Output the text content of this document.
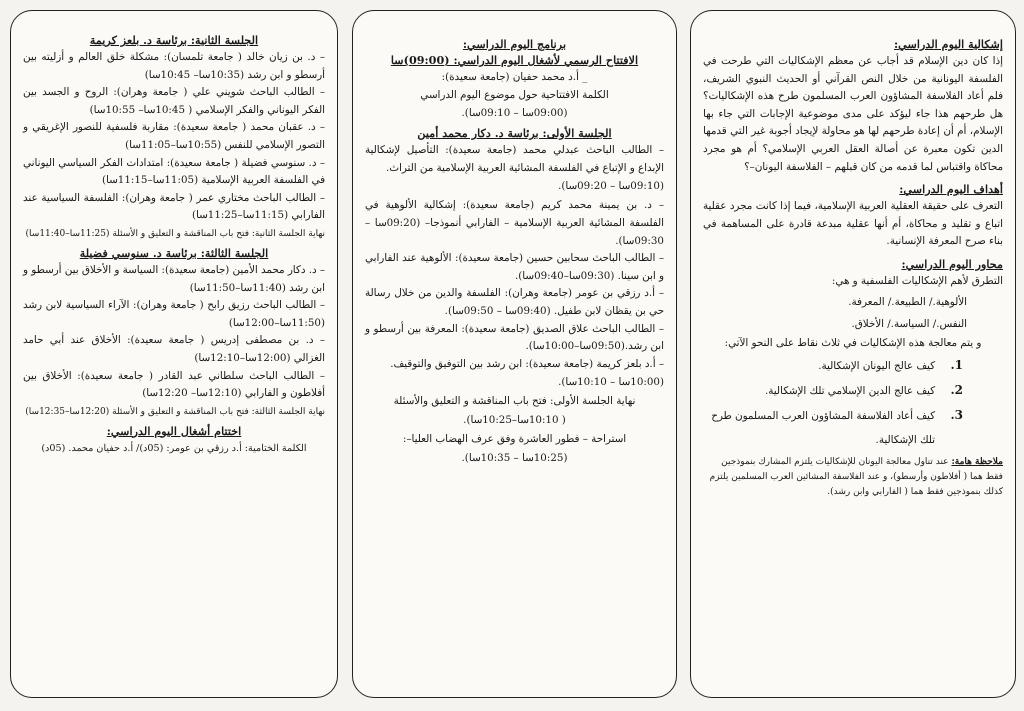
إشكالية اليوم الدراسي:

إذا كان دين الإسلام قد أجاب عن معظم الإشكاليات التي طرحت في الفلسفة اليونانية من خلال النص القرآني أو الحديث النبوي الشريف، فلم أعاد الفلاسفة المشاؤون العرب المسلمون طرح هذه الإشكاليات؟ هل طرحهم هذا جاء ليؤكد على مدى موضوعية الإجابات التي جاء بها الإسلام، أم أن إعادة طرحهم لها هو محاولة لإيجاد أجوبة غير التي قدمها الدين تكون معبرة عن أصالة العقل العربي الإسلامي؟ أم هو مجرد محاكاة واقتباس لما قدمه من كان قبلهم – الفلاسفة اليونان–؟

أهداف اليوم الدراسي:

التعرف على حقيقة العقلية العربية الإسلامية، فيما إذا كانت مجرد عقلية اتباع و تقليد و محاكاة، أم أنها عقلية مبدعة قادرة على المساهمة في بناء صرح المعرفة الإنسانية.

محاور اليوم الدراسي:

التطرق لأهم الإشكاليات الفلسفية و هي:

الألوهية./ الطبيعة./ المعرفة.

النفس./ السياسة./ الأخلاق.

و يتم معالجة هذه الإشكاليات في ثلاث نقاط على النحو الآتي:

1.
كيف عالج اليونان الإشكالية.
2.
كيف عالج الدين الإسلامي تلك الإشكالية.
3.
كيف أعاد الفلاسفة المشاؤون العرب المسلمون طرح

تلك الإشكالية.

ملاحظة هامة: عند تناول معالجة اليونان للإشكاليات يلتزم المشارك بنموذجين فقط هما ( أفلاطون وأرسطو)، و عند الفلاسفة المشائين العرب المسلمين يلتزم كذلك بنموذجين فقط هما ( الفارابي وابن رشد).

برنامج اليوم الدراسي:
الافتتاح الرسمي لأشغال اليوم الدراسي: (09:00)سا

_ أ.د محمد حفيان (جامعة سعيدة):

الكلمة الافتتاحية حول موضوع اليوم الدراسي

(09:00سا – 09:10سا).

الجلسة الأولى: برئاسة د. دكار محمد أمين

– الطالب الباحث عبدلي محمد (جامعة سعيدة): التأصيل لإشكالية الإبداع و الإتباع في الفلسفة المشائية العربية الإسلامية من التراث.

(09:10سا – 09:20سا).

– د. بن يمينة محمد كريم (جامعة سعيدة): إشكالية الألوهية في الفلسفة المشائية العربية الإسلامية – الفارابي أنموذجا– (09:20سا – 09:30سا).

– الطالب الباحث سحابين حسين (جامعة سعيدة): الألوهية عند الفارابي و ابن سينا. (09:30سا–09:40سا).

– أ.د رزقي بن عومر (جامعة وهران): الفلسفة والدين من خلال رسالة حي بن يقظان لابن طفيل. (09:40سا – 09:50سا).

– الطالب الباحث علاق الصديق (جامعة سعيدة): المعرفة بين أرسطو و ابن رشد.(09:50سا–10:00سا).

– أ.د بلعز كريمة (جامعة سعيدة): ابن رشد بين التوفيق والتوقيف.

(10:00سا – 10:10سا).

نهاية الجلسة الأولى: فتح باب المناقشة و التعليق والأسئلة

( 10:10سا–10:25سا).

استراحة – فطور العاشرة وفق عرف الهضاب العليا–:

(10:25سا – 10:35سا).

الجلسة الثانية: برئاسة د. بلعز كريمة

– د. بن زيان خالد ( جامعة تلمسان): مشكلة خلق العالم و أزليته بين أرسطو و ابن رشد (10:35سا– 10:45سا)

– الطالب الباحث شويني علي ( جامعة وهران): الروح و الجسد بين الفكر اليوناني والفكر الإسلامي ( 10:45سا– 10:55سا)

– د. عقبان محمد ( جامعة سعيدة): مقاربة فلسفية للنصور الإغريقي و التصور الإسلامي للنفس (10:55سا–11:05سا)

– د. سنوسي فضيلة ( جامعة سعيدة): امتدادات الفكر السياسي اليوناني في الفلسفة العربية الإسلامية (11:05سا–11:15سا)

– الطالب الباحث مختاري عمر ( جامعة وهران): الفلسفة السياسية عند الفارابي (11:15سا–11:25سا)

نهاية الجلسة الثانية: فتح باب المناقشة و التعليق و الأسئلة (11:25سا–11:40سا)

الجلسة الثالثة: برئاسة د. سنوسي فضيلة

– د. دكار محمد الأمين (جامعة سعيدة): السياسة و الأخلاق بين أرسطو و ابن رشد (11:40سا–11:50سا)

– الطالب الباحث رزيق رابح ( جامعة وهران): الآراء السياسية لابن رشد (11:50سا–12:00سا)

– د. بن مصطفى إدريس ( جامعة سعيدة): الأخلاق عند أبي حامد الغزالي (12:00سا–12:10سا)

– الطالب الباحث سلطاني عبد القادر ( جامعة سعيدة): الأخلاق بين أفلاطون و الفارابي (12:10سا– 12:20سا)

نهاية الجلسة الثالثة: فتح باب المناقشة و التعليق و الأسئلة (12:20سا–12:35سا)

اختتام أشغال اليوم الدراسي:

الكلمة الختامية: أ.د رزقي بن عومر: (05د)/ أ.د حفيان محمد. (05د)
